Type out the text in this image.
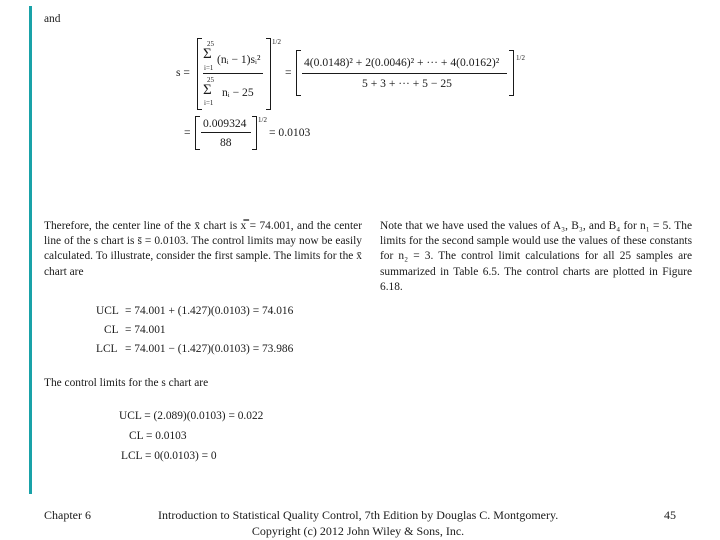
and
s =
1/2
25
Σ
i=1
(nᵢ − 1)sᵢ²
25
Σ
i=1
nᵢ − 25
=
1/2
4(0.0148)² + 2(0.0046)² + ··· + 4(0.0162)²
5 + 3 + ··· + 5 − 25
=
1/2
0.009324
88
= 0.0103
Therefore, the center line of the x̄ chart is x̿ = 74.001, and the center line of the s chart is s̄ = 0.0103. The control limits may now be easily calculated. To illustrate, consider the first sample. The limits for the x̄ chart are
Note that we have used the values of A₃, B₃, and B₄ for n₁ = 5. The limits for the second sample would use the values of these constants for n₂ = 3. The control limit calculations for all 25 samples are summarized in Table 6.5. The control charts are plotted in Figure 6.18.
UCL = 74.001 + (1.427)(0.0103) = 74.016
CL = 74.001
LCL = 74.001 − (1.427)(0.0103) = 73.986
The control limits for the s chart are
UCL = (2.089)(0.0103) = 0.022
CL = 0.0103
LCL = 0(0.0103) = 0
Chapter 6	Introduction to Statistical Quality Control, 7th Edition by Douglas C. Montgomery.
Copyright (c) 2012 John Wiley & Sons, Inc.
45
